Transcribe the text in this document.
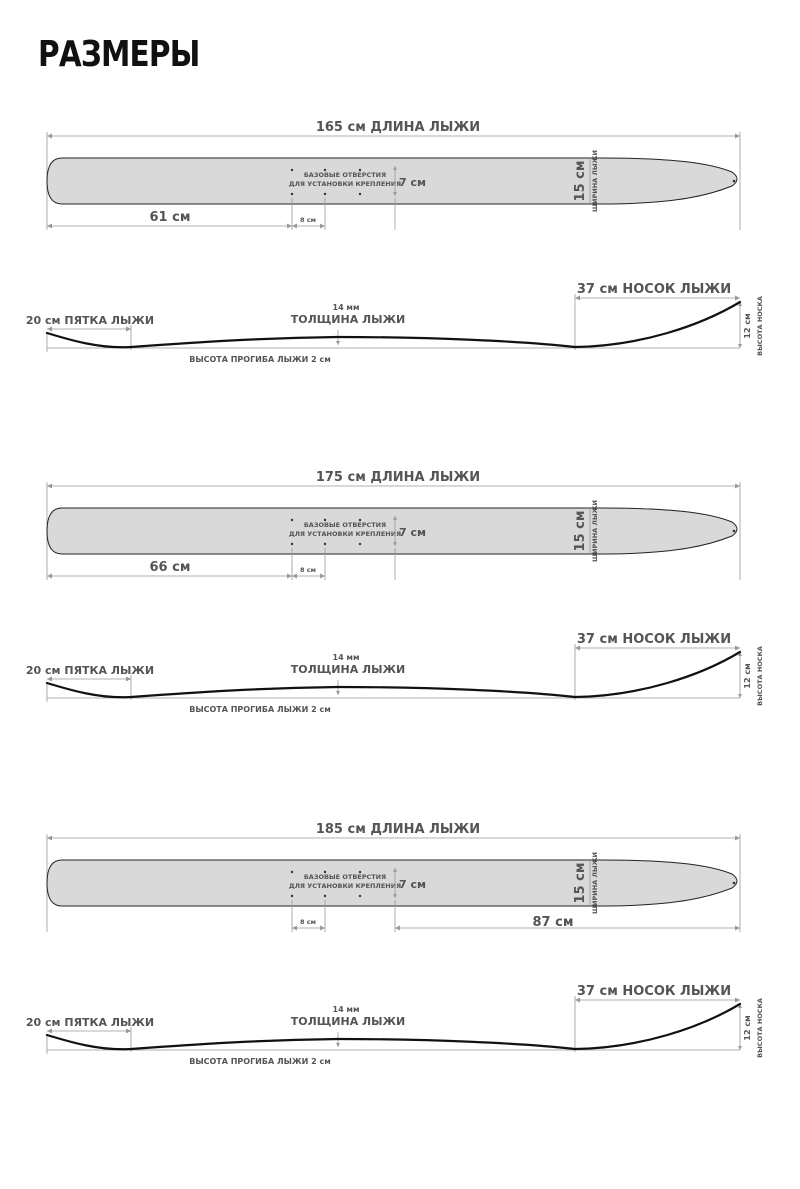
РАЗМЕРЫ
165 см ДЛИНА ЛЫЖИ
БАЗОВЫЕ ОТВЕРСТИЯ
ДЛЯ УСТАНОВКИ КРЕПЛЕНИЯ
7 см	15 см ШИРИНА ЛЫЖИ
8 см
61 см
20 см ПЯТКА ЛЫЖИ
37 см НОСОК ЛЫЖИ
14 мм
ТОЛЩИНА ЛЫЖИ	12 см ВЫСОТА НОСКА
ВЫСОТА ПРОГИБА ЛЫЖИ 2 см
175 см ДЛИНА ЛЫЖИ
БАЗОВЫЕ ОТВЕРСТИЯ
ДЛЯ УСТАНОВКИ КРЕПЛЕНИЯ
7 см	15 см ШИРИНА ЛЫЖИ
8 см
66 см
20 см ПЯТКА ЛЫЖИ
37 см НОСОК ЛЫЖИ
14 мм
ТОЛЩИНА ЛЫЖИ	12 см ВЫСОТА НОСКА
ВЫСОТА ПРОГИБА ЛЫЖИ 2 см
185 см ДЛИНА ЛЫЖИ
БАЗОВЫЕ ОТВЕРСТИЯ
ДЛЯ УСТАНОВКИ КРЕПЛЕНИЯ
7 см	15 см ШИРИНА ЛЫЖИ
8 см	87 см
20 см ПЯТКА ЛЫЖИ
37 см НОСОК ЛЫЖИ
14 мм
ТОЛЩИНА ЛЫЖИ	12 см ВЫСОТА НОСКА
ВЫСОТА ПРОГИБА ЛЫЖИ 2 см
